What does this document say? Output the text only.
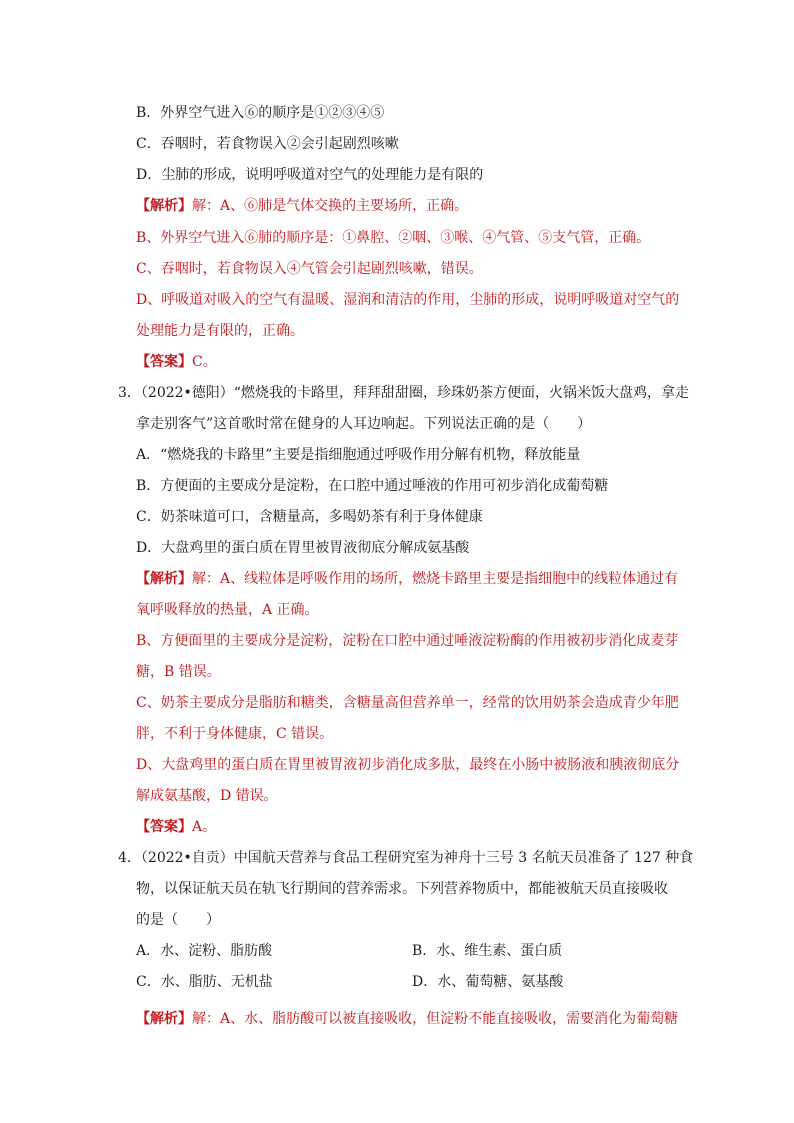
B．外界空气进入⑥的顺序是①②③④⑤
C．吞咽时，若食物误入②会引起剧烈咳嗽
D．尘肺的形成，说明呼吸道对空气的处理能力是有限的
【解析】解：A、⑥肺是气体交换的主要场所，正确。
B、外界空气进入⑥肺的顺序是：①鼻腔、②咽、③喉、④气管、⑤支气管，正确。
C、吞咽时，若食物误入④气管会引起剧烈咳嗽，错误。
D、呼吸道对吸入的空气有温暖、湿润和清洁的作用，尘肺的形成，说明呼吸道对空气的
处理能力是有限的，正确。
【答案】C。
3．（2022•德阳）“燃烧我的卡路里，拜拜甜甜圈，珍珠奶茶方便面，火锅米饭大盘鸡，拿走
拿走别客气”这首歌时常在健身的人耳边响起。下列说法正确的是（　　）
A．“燃烧我的卡路里”主要是指细胞通过呼吸作用分解有机物，释放能量
B．方便面的主要成分是淀粉，在口腔中通过唾液的作用可初步消化成葡萄糖
C．奶茶味道可口，含糖量高，多喝奶茶有利于身体健康
D．大盘鸡里的蛋白质在胃里被胃液彻底分解成氨基酸
【解析】解：A、线粒体是呼吸作用的场所，燃烧卡路里主要是指细胞中的线粒体通过有
氧呼吸释放的热量，A 正确。
B、方便面里的主要成分是淀粉，淀粉在口腔中通过唾液淀粉酶的作用被初步消化成麦芽
糖，B 错误。
C、奶茶主要成分是脂肪和糖类，含糖量高但营养单一，经常的饮用奶茶会造成青少年肥
胖，不利于身体健康，C 错误。
D、大盘鸡里的蛋白质在胃里被胃液初步消化成多肽，最终在小肠中被肠液和胰液彻底分
解成氨基酸，D 错误。
【答案】A。
4．（2022•自贡）中国航天营养与食品工程研究室为神舟十三号 3 名航天员准备了 127 种食
物，以保证航天员在轨飞行期间的营养需求。下列营养物质中，都能被航天员直接吸收
的是（　　）
A．水、淀粉、脂肪酸	B．水、维生素、蛋白质
C．水、脂肪、无机盐	D．水、葡萄糖、氨基酸
【解析】解：A、水、脂肪酸可以被直接吸收，但淀粉不能直接吸收，需要消化为葡萄糖
